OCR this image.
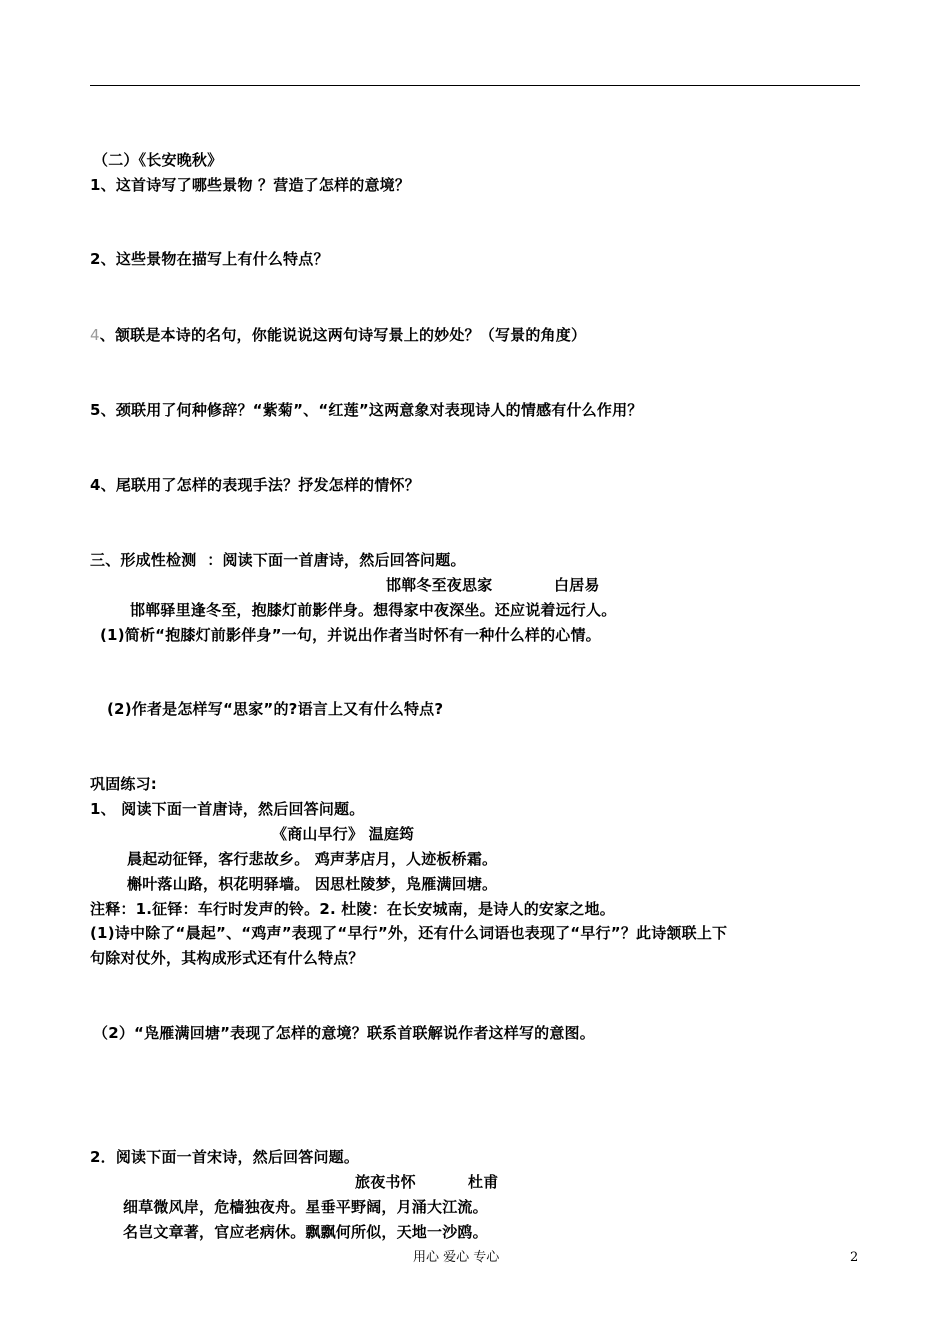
（二）《长安晚秋》
1、这首诗写了哪些景物 ？营造了怎样的意境？
2、这些景物在描写上有什么特点？
4、颔联是本诗的名句，你能说说这两句诗写景上的妙处？（写景的角度）
5、颈联用了何种修辞？“紫菊”、“红莲”这两意象对表现诗人的情感有什么作用？
4、尾联用了怎样的表现手法？抒发怎样的情怀？
三、形成性检测  ：阅读下面一首唐诗，然后回答问题。
邯郸冬至夜思家	白居易
邯郸驿里逢冬至，抱膝灯前影伴身。想得家中夜深坐。还应说着远行人。
(1)简析“抱膝灯前影伴身”一句，并说出作者当时怀有一种什么样的心情。
(2)作者是怎样写“思家”的?语言上又有什么特点?
巩固练习:
1、 阅读下面一首唐诗，然后回答问题。
《商山早行》 温庭筠
晨起动征铎，客行悲故乡。 鸡声茅店月，人迹板桥霜。
槲叶落山路，枳花明驿墙。 因思杜陵梦，凫雁满回塘。
注释：1.征铎：车行时发声的铃。2. 杜陵：在长安城南，是诗人的安家之地。
(1)诗中除了“晨起”、“鸡声”表现了“早行”外，还有什么词语也表现了“早行”？此诗颔联上下
句除对仗外，其构成形式还有什么特点？
（2）“凫雁满回塘”表现了怎样的意境？联系首联解说作者这样写的意图。
2．阅读下面一首宋诗，然后回答问题。
旅夜书怀	杜甫
细草微风岸，危樯独夜舟。星垂平野阔，月涌大江流。
名岂文章著，官应老病休。飘飘何所似，天地一沙鸥。
用心 爱心 专心	2
